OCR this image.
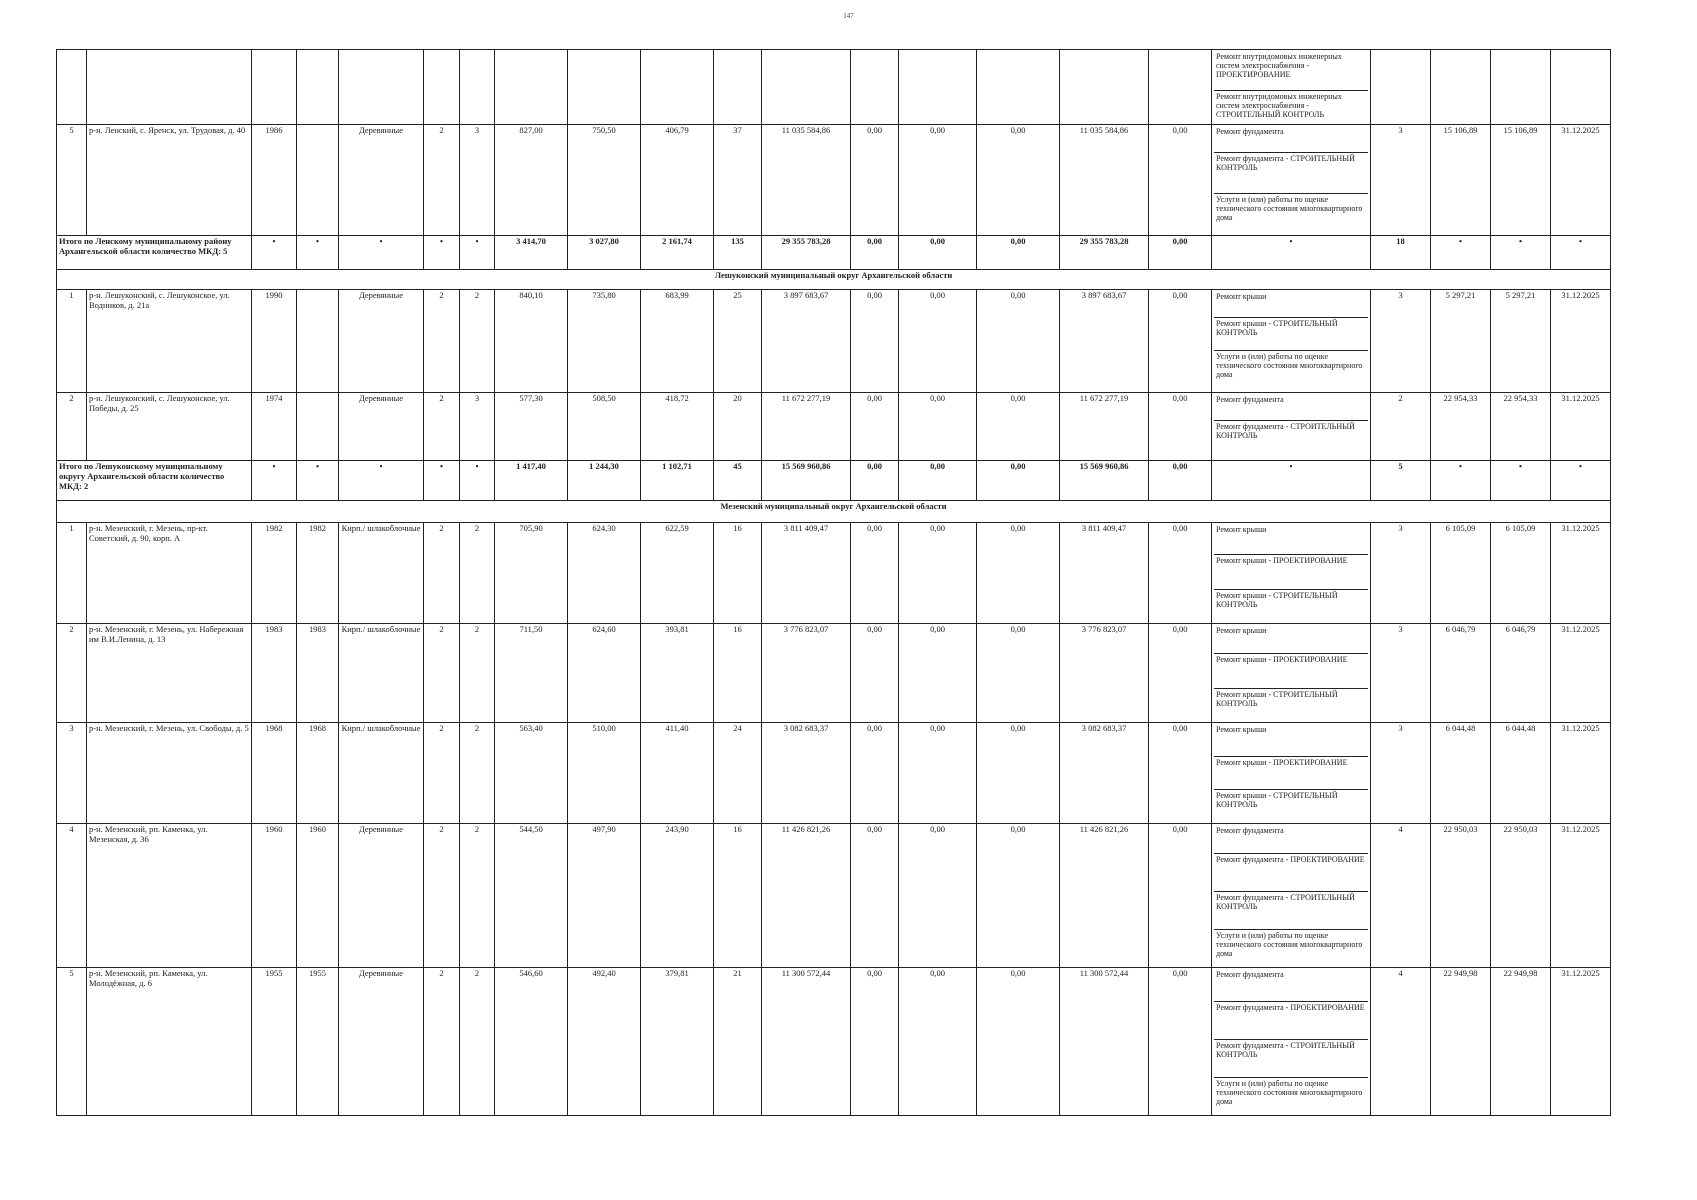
147

																	Ремонт внутридомовых инженерных систем электроснабжения - ПРОЕКТИРОВАНИЕ
Ремонт внутридомовых инженерных систем электроснабжения - СТРОИТЕЛЬНЫЙ КОНТРОЛЬ				

5	р-н. Ленский, с. Яренск, ул. Трудовая, д. 40	1986		Деревянные	2	3	827,00	750,50	406,79	37	11 035 584,86	0,00	0,00	0,00	11 035 584,86	0,00	Ремонт фундамента
Ремонт фундамента - СТРОИТЕЛЬНЫЙ КОНТРОЛЬ
Услуги и (или) работы по оценке технического состояния многоквартирного дома	3	15 106,89	15 106,89	31.12.2025
Итого по Ленскому муниципальному району Архангельской области количество МКД: 5		•	•	•	•	•	3 414,70	3 027,80	2 161,74	135	29 355 783,28	0,00	0,00	0,00	29 355 783,28	0,00	•	18	•	•	•
Лешуконский муниципальный округ Архангельской области																					
1	р-н. Лешуконский, с. Лешуконское, ул. Водников, д. 21а	1990		Деревянные	2	2	840,10	735,80	683,99	25	3 897 683,67	0,00	0,00	0,00	3 897 683,67	0,00	Ремонт крыши
Ремонт крыши - СТРОИТЕЛЬНЫЙ КОНТРОЛЬ
Услуги и (или) работы по оценке технического состояния многоквартирного дома	3	5 297,21	5 297,21	31.12.2025
2	р-н. Лешуконский, с. Лешуконское, ул. Победы, д. 25	1974		Деревянные	2	3	577,30	508,50	418,72	20	11 672 277,19	0,00	0,00	0,00	11 672 277,19	0,00	Ремонт фундамента
Ремонт фундамента - СТРОИТЕЛЬНЫЙ КОНТРОЛЬ	2	22 954,33	22 954,33	31.12.2025
Итого по Лешуконскому муниципальному округу Архангельской области количество МКД: 2		•	•	•	•	•	1 417,40	1 244,30	1 102,71	45	15 569 960,86	0,00	0,00	0,00	15 569 960,86	0,00	•	5	•	•	•
Мезенский муниципальный округ Архангельской области																					
1	р-н. Мезенский, г. Мезень, пр-кт. Советский, д. 90, корп. А	1982	1982	Кирп./ шлакоблочные	2	2	705,90	624,30	622,59	16	3 811 409,47	0,00	0,00	0,00	3 811 409,47	0,00	Ремонт крыши
Ремонт крыши - ПРОЕКТИРОВАНИЕ
Ремонт крыши - СТРОИТЕЛЬНЫЙ КОНТРОЛЬ	3	6 105,09	6 105,09	31.12.2025
2	р-н. Мезенский, г. Мезень, ул. Набережная им В.И.Ленина, д. 13	1983	1983	Кирп./ шлакоблочные	2	2	711,50	624,60	393,81	16	3 776 823,07	0,00	0,00	0,00	3 776 823,07	0,00	Ремонт крыши
Ремонт крыши - ПРОЕКТИРОВАНИЕ
Ремонт крыши - СТРОИТЕЛЬНЫЙ КОНТРОЛЬ	3	6 046,79	6 046,79	31.12.2025
3	р-н. Мезенский, г. Мезень, ул. Свободы, д. 5	1968	1968	Кирп./ шлакоблочные	2	2	563,40	510,00	411,40	24	3 082 683,37	0,00	0,00	0,00	3 082 683,37	0,00	Ремонт крыши
Ремонт крыши - ПРОЕКТИРОВАНИЕ
Ремонт крыши - СТРОИТЕЛЬНЫЙ КОНТРОЛЬ	3	6 044,48	6 044,48	31.12.2025
4	р-н. Мезенский, рп. Каменка, ул. Мезенская, д. 36	1960	1960	Деревянные	2	2	544,50	497,90	243,90	16	11 426 821,26	0,00	0,00	0,00	11 426 821,26	0,00	Ремонт фундамента
Ремонт фундамента - ПРОЕКТИРОВАНИЕ
Ремонт фундамента - СТРОИТЕЛЬНЫЙ КОНТРОЛЬ
Услуги и (или) работы по оценке технического состояния многоквартирного дома	4	22 950,03	22 950,03	31.12.2025
5	р-н. Мезенский, рп. Каменка, ул. Молодёжная, д. 6	1955	1955	Деревянные	2	2	546,60	492,40	379,81	21	11 300 572,44	0,00	0,00	0,00	11 300 572,44	0,00	Ремонт фундамента
Ремонт фундамента - ПРОЕКТИРОВАНИЕ
Ремонт фундамента - СТРОИТЕЛЬНЫЙ КОНТРОЛЬ
Услуги и (или) работы по оценке технического состояния многоквартирного дома	4	22 949,98	22 949,98	31.12.2025
